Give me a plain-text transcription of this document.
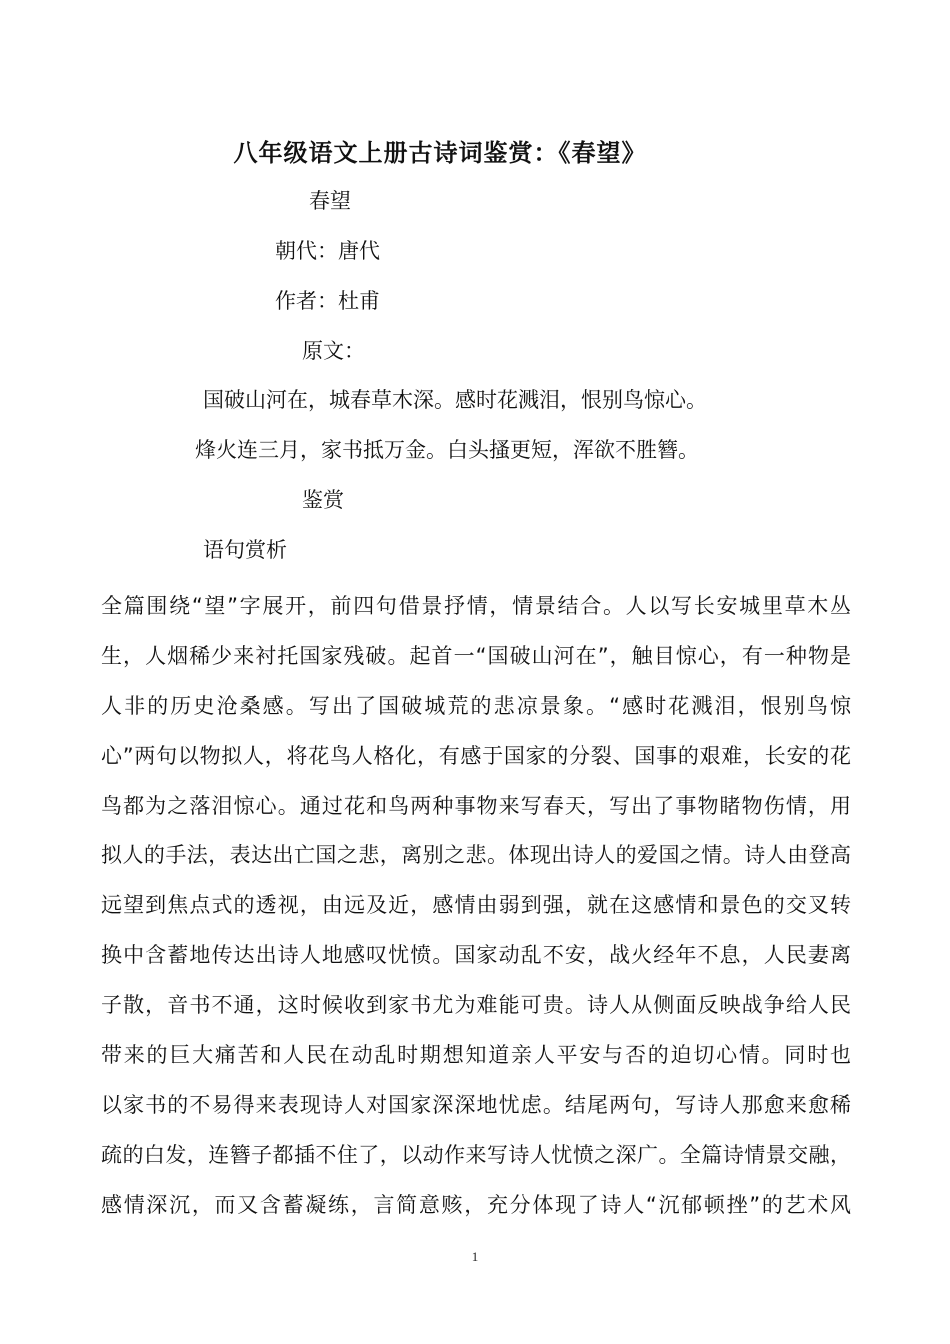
八年级语文上册古诗词鉴赏：《春望》
春望
朝代：唐代
作者：杜甫
原文：
国破山河在，城春草木深。感时花溅泪，恨别鸟惊心。
烽火连三月，家书抵万金。白头搔更短，浑欲不胜簪。
鉴赏
语句赏析
全篇围绕“望”字展开，前四句借景抒情，情景结合。人以写长安城里草木丛
生，人烟稀少来衬托国家残破。起首一“国破山河在”，触目惊心，有一种物是
人非的历史沧桑感。写出了国破城荒的悲凉景象。“感时花溅泪，恨别鸟惊
心”两句以物拟人，将花鸟人格化，有感于国家的分裂、国事的艰难，长安的花
鸟都为之落泪惊心。通过花和鸟两种事物来写春天，写出了事物睹物伤情，用
拟人的手法，表达出亡国之悲，离别之悲。体现出诗人的爱国之情。诗人由登高
远望到焦点式的透视，由远及近，感情由弱到强，就在这感情和景色的交叉转
换中含蓄地传达出诗人地感叹忧愤。国家动乱不安，战火经年不息，人民妻离
子散，音书不通，这时候收到家书尤为难能可贵。诗人从侧面反映战争给人民
带来的巨大痛苦和人民在动乱时期想知道亲人平安与否的迫切心情。同时也
以家书的不易得来表现诗人对国家深深地忧虑。结尾两句，写诗人那愈来愈稀
疏的白发，连簪子都插不住了，以动作来写诗人忧愤之深广。全篇诗情景交融，
感情深沉，而又含蓄凝练，言简意赅，充分体现了诗人“沉郁顿挫”的艺术风
1
